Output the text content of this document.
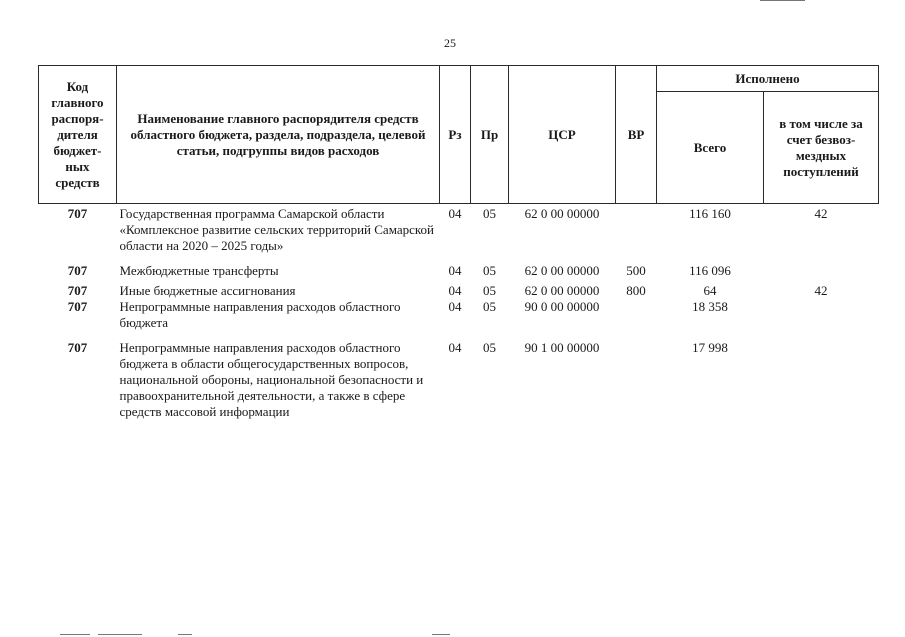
25
Код главного распоря-дителя бюджет-ных средств	Наименование главного распорядителя средств областного бюджета, раздела, подраздела, целевой статьи, подгруппы видов расходов	Рз	Пр	ЦСР	ВР	Исполнено	
						Всего	в том числе за счет безвоз-мездных поступлений
707	Государственная программа Самарской области «Комплексное развитие сельских территорий Самарской области на 2020 – 2025 годы»	04	05	62 0 00 00000		116 160	42
707	Межбюджетные трансферты	04	05	62 0 00 00000	500	116 096	
707	Иные бюджетные ассигнования	04	05	62 0 00 00000	800	64	42
707	Непрограммные направления расходов областного бюджета	04	05	90 0 00 00000		18 358	
707	Непрограммные направления расходов областного бюджета в области общегосударственных вопросов, национальной обороны, национальной безопасности и правоохранительной деятельности, а также в сфере средств массовой информации	04	05	90 1 00 00000		17 998	
